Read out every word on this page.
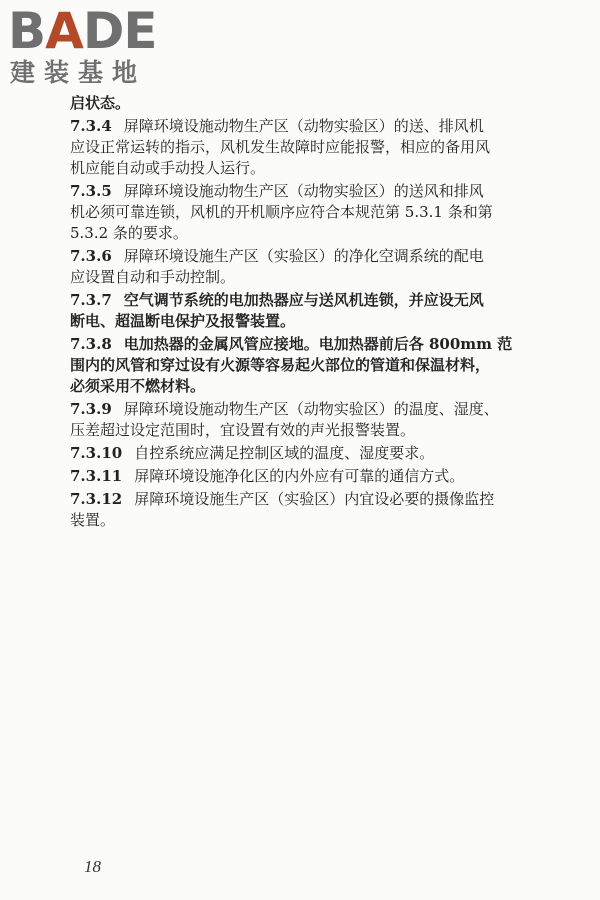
BADE
建装基地
启状态。
7.3.4 屏障环境设施动物生产区（动物实验区）的送、排风机
应设正常运转的指示，风机发生故障时应能报警，相应的备用风
机应能自动或手动投人运行。
7.3.5 屏障环境设施动物生产区（动物实验区）的送风和排风
机必须可靠连锁，风机的开机顺序应符合本规范第 5.3.1 条和第
5.3.2 条的要求。
7.3.6 屏障环境设施生产区（实验区）的净化空调系统的配电
应设置自动和手动控制。
7.3.7 空气调节系统的电加热器应与送风机连锁，并应设无风
断电、超温断电保护及报警装置。
7.3.8 电加热器的金属风管应接地。电加热器前后各 800mm 范
围内的风管和穿过设有火源等容易起火部位的管道和保温材料，
必须采用不燃材料。
7.3.9 屏障环境设施动物生产区（动物实验区）的温度、湿度、
压差超过设定范围时，宜设置有效的声光报警装置。
7.3.10 自控系统应满足控制区域的温度、湿度要求。
7.3.11 屏障环境设施净化区的内外应有可靠的通信方式。
7.3.12 屏障环境设施生产区（实验区）内宜设必要的摄像监控
装置。
18
